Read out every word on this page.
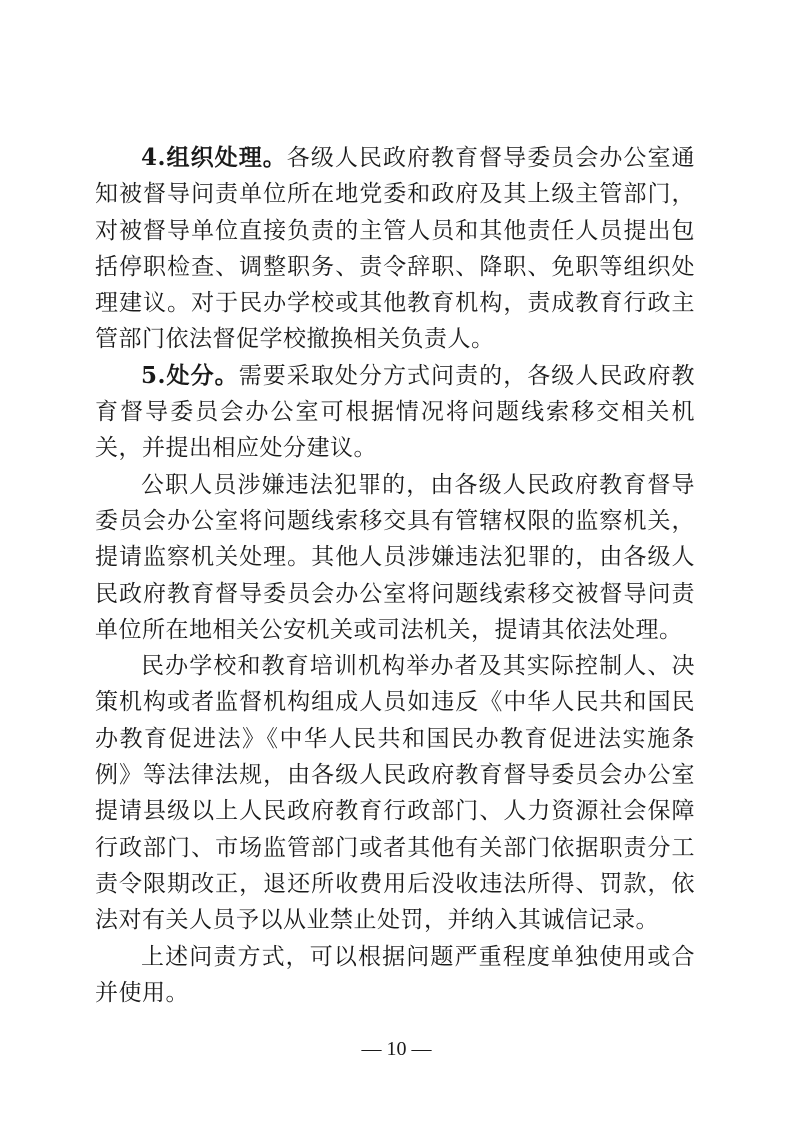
4.组织处理。各级人民政府教育督导委员会办公室通知被督导问责单位所在地党委和政府及其上级主管部门，对被督导单位直接负责的主管人员和其他责任人员提出包括停职检查、调整职务、责令辞职、降职、免职等组织处理建议。对于民办学校或其他教育机构，责成教育行政主管部门依法督促学校撤换相关负责人。

5.处分。需要采取处分方式问责的，各级人民政府教育督导委员会办公室可根据情况将问题线索移交相关机关，并提出相应处分建议。

公职人员涉嫌违法犯罪的，由各级人民政府教育督导委员会办公室将问题线索移交具有管辖权限的监察机关，提请监察机关处理。其他人员涉嫌违法犯罪的，由各级人民政府教育督导委员会办公室将问题线索移交被督导问责单位所在地相关公安机关或司法机关，提请其依法处理。

民办学校和教育培训机构举办者及其实际控制人、决策机构或者监督机构组成人员如违反《中华人民共和国民办教育促进法》《中华人民共和国民办教育促进法实施条例》等法律法规，由各级人民政府教育督导委员会办公室提请县级以上人民政府教育行政部门、人力资源社会保障行政部门、市场监管部门或者其他有关部门依据职责分工责令限期改正，退还所收费用后没收违法所得、罚款，依法对有关人员予以从业禁止处罚，并纳入其诚信记录。

上述问责方式，可以根据问题严重程度单独使用或合并使用。

— 10 —
